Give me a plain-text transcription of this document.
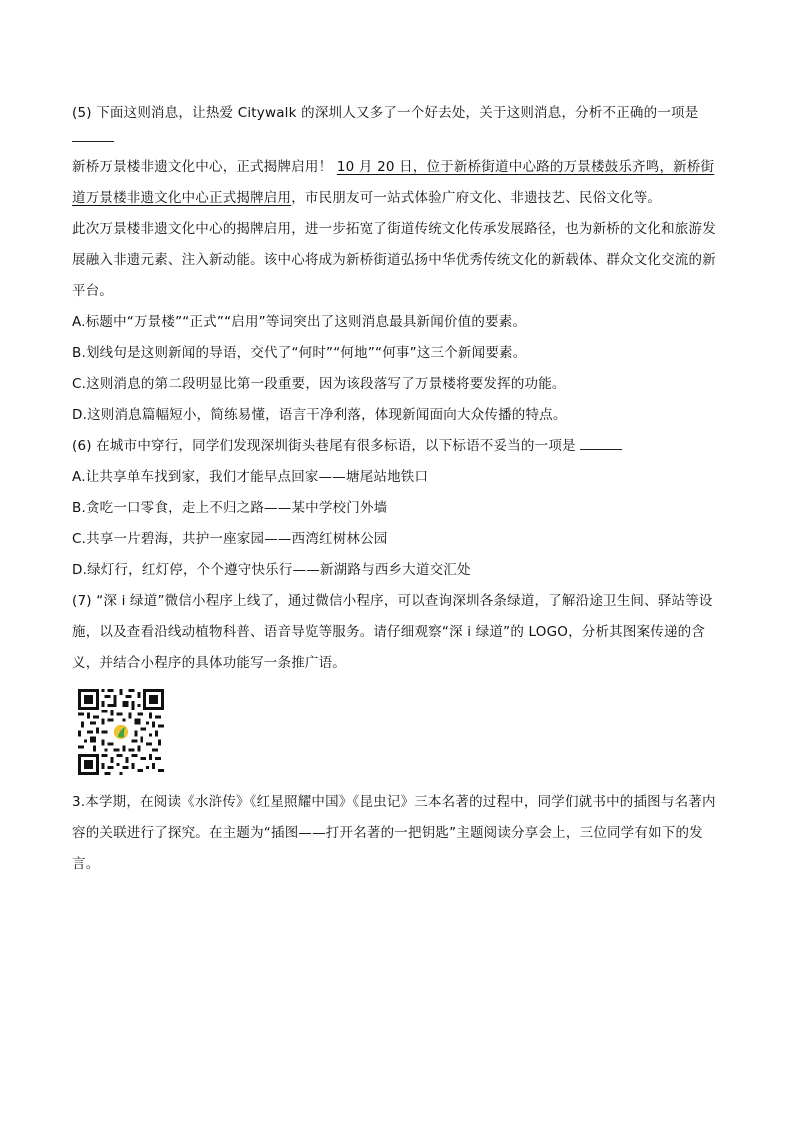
(5) 下面这则消息，让热爱 Citywalk 的深圳人又多了一个好去处，关于这则消息，分析不正确的一项是

新桥万景楼非遗文化中心，正式揭牌启用！ 10 月 20 日，位于新桥街道中心路的万景楼鼓乐齐鸣，新桥街道万景楼非遗文化中心正式揭牌启用，市民朋友可一站式体验广府文化、非遗技艺、民俗文化等。

此次万景楼非遗文化中心的揭牌启用，进一步拓宽了街道传统文化传承发展路径，也为新桥的文化和旅游发展融入非遗元素、注入新动能。该中心将成为新桥街道弘扬中华优秀传统文化的新载体、群众文化交流的新平台。

A.标题中“万景楼”“正式”“启用”等词突出了这则消息最具新闻价值的要素。

B.划线句是这则新闻的导语，交代了“何时”“何地”“何事”这三个新闻要素。

C.这则消息的第二段明显比第一段重要，因为该段落写了万景楼将要发挥的功能。

D.这则消息篇幅短小，简练易懂，语言干净利落，体现新闻面向大众传播的特点。

(6) 在城市中穿行，同学们发现深圳街头巷尾有很多标语，以下标语不妥当的一项是

A.让共享单车找到家，我们才能早点回家——塘尾站地铁口

B.贪吃一口零食，走上不归之路——某中学校门外墙

C.共享一片碧海，共护一座家园——西湾红树林公园

D.绿灯行，红灯停，个个遵守快乐行——新湖路与西乡大道交汇处

(7) “深 i 绿道”微信小程序上线了，通过微信小程序，可以查询深圳各条绿道，了解沿途卫生间、驿站等设施，以及查看沿线动植物科普、语音导览等服务。请仔细观察“深 i 绿道”的 LOGO，分析其图案传递的含义，并结合小程序的具体功能写一条推广语。

3.本学期，在阅读《水浒传》《红星照耀中国》《昆虫记》三本名著的过程中，同学们就书中的插图与名著内容的关联进行了探究。在主题为“插图——打开名著的一把钥匙”主题阅读分享会上，三位同学有如下的发言。
